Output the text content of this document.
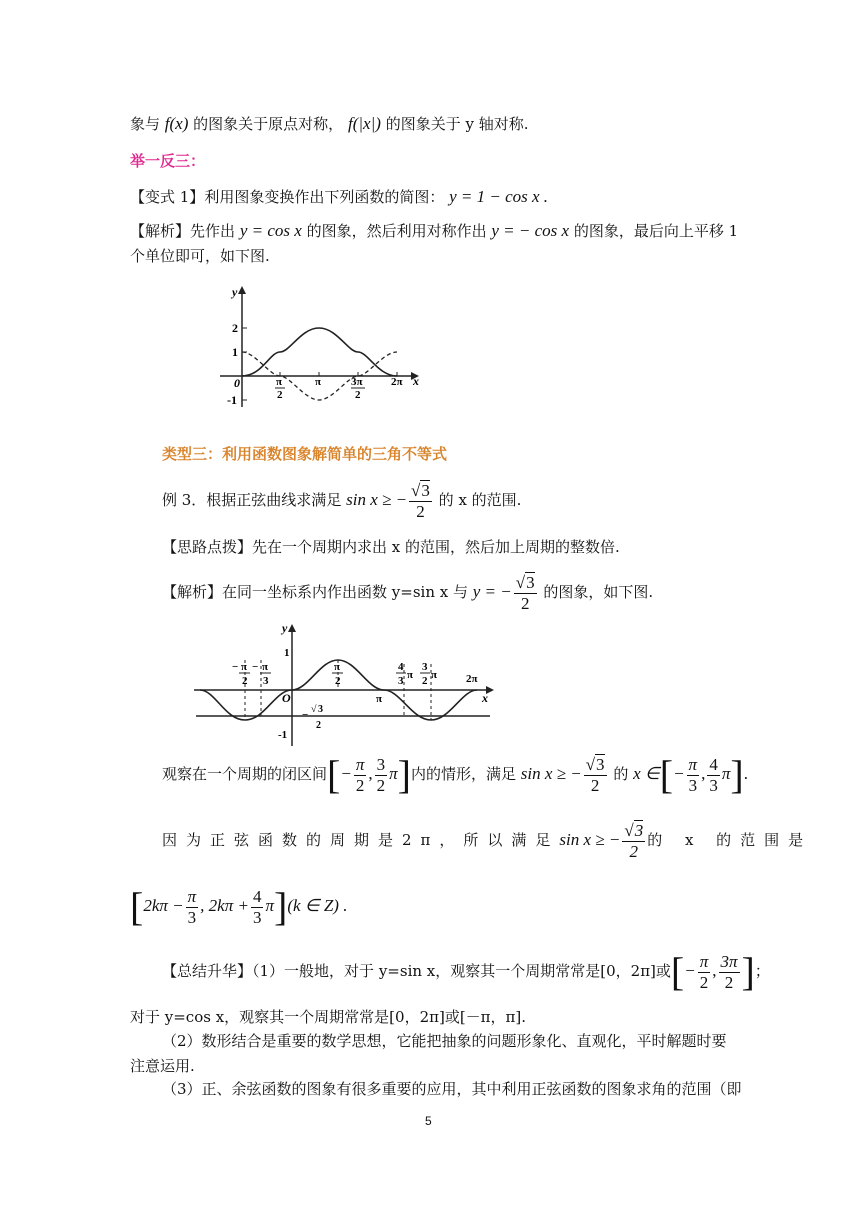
象与 f(x) 的图象关于原点对称， f(|x|) 的图象关于 y 轴对称.
举一反三：
【变式 1】利用图象变换作出下列函数的简图： y = 1 − cos x .
【解析】先作出 y = cos x 的图象，然后利用对称作出 y = − cos x 的图象，最后向上平移 1
个单位即可，如下图.
y
x
0
2
1
-1
π
2
π	3π
2
2π
类型三：利用函数图象解简单的三角不等式
例 3．根据正弦曲线求满足 sin x ≥ − $\frac{√3}{2}$ 的 x 的范围.
【思路点拨】先在一个周期内求出 x 的范围，然后加上周期的整数倍.
【解析】在同一坐标系内作出函数 y=sin x 与 y = − $\frac{√3}{2}$ 的图象，如下图.
y
x
O
1
-1
− π
2
− π
3
π
2
π
4
3 π
3
2 π	2π
− √ 3
2
观察在一个周期的闭区间[− $\frac{\pi}{2}$ , $\frac{3}{2} \pi$]内的情形，满足 sin x ≥ − $\frac{√3}{2}$ 的 x ∈[− $\frac{\pi}{3}$ , $\frac{4}{3} \pi$].
因为正弦函数的周期是2π，所以满足 sin x ≥ − $\frac{√3}{2}$ 的 x 的范围是
[$2k\pi - \frac{\pi}{3}$ , $2k\pi + \frac{4}{3} \pi](k$ ∈ Z) .
【总结升华】（1）一般地，对于 y=sin x，观察其一个周期常常是[0，2π]或[− $\frac{\pi}{2}$ , $\frac{3\pi}{2}$ ]；
对于 y=cos x，观察其一个周期常常是[0，2π]或[－π，π].
（2）数形结合是重要的数学思想，它能把抽象的问题形象化、直观化，平时解题时要
注意运用.
（3）正、余弦函数的图象有很多重要的应用，其中利用正弦函数的图象求角的范围（即
5
